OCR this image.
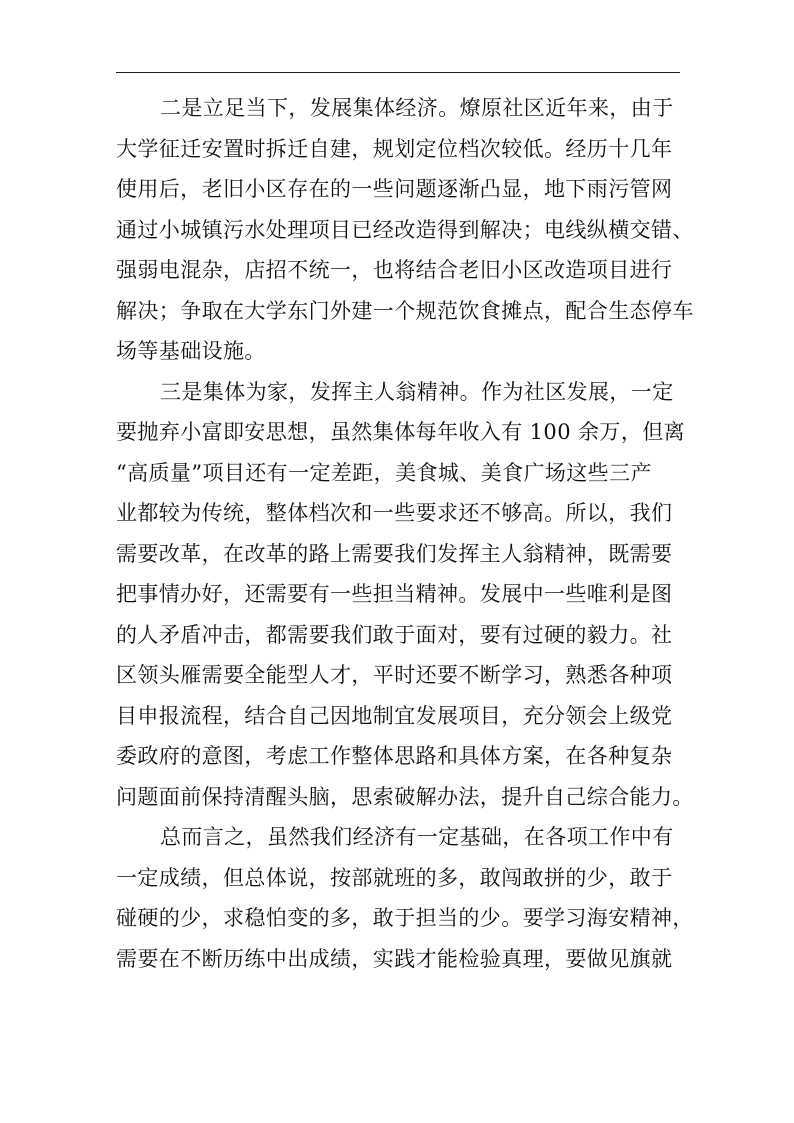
二是立足当下，发展集体经济。燎原社区近年来，由于
大学征迁安置时拆迁自建，规划定位档次较低。经历十几年
使用后，老旧小区存在的一些问题逐渐凸显，地下雨污管网
通过小城镇污水处理项目已经改造得到解决；电线纵横交错、
强弱电混杂，店招不统一，也将结合老旧小区改造项目进行
解决；争取在大学东门外建一个规范饮食摊点，配合生态停车
场等基础设施。
三是集体为家，发挥主人翁精神。作为社区发展，一定
要抛弃小富即安思想，虽然集体每年收入有 100 余万，但离
“高质量”项目还有一定差距，美食城、美食广场这些三产
业都较为传统，整体档次和一些要求还不够高。所以，我们
需要改革，在改革的路上需要我们发挥主人翁精神，既需要
把事情办好，还需要有一些担当精神。发展中一些唯利是图
的人矛盾冲击，都需要我们敢于面对，要有过硬的毅力。社
区领头雁需要全能型人才，平时还要不断学习，熟悉各种项
目申报流程，结合自己因地制宜发展项目，充分领会上级党
委政府的意图，考虑工作整体思路和具体方案，在各种复杂
问题面前保持清醒头脑，思索破解办法，提升自己综合能力。
总而言之，虽然我们经济有一定基础，在各项工作中有
一定成绩，但总体说，按部就班的多，敢闯敢拼的少，敢于
碰硬的少，求稳怕变的多，敢于担当的少。要学习海安精神，
需要在不断历练中出成绩，实践才能检验真理，要做见旗就
